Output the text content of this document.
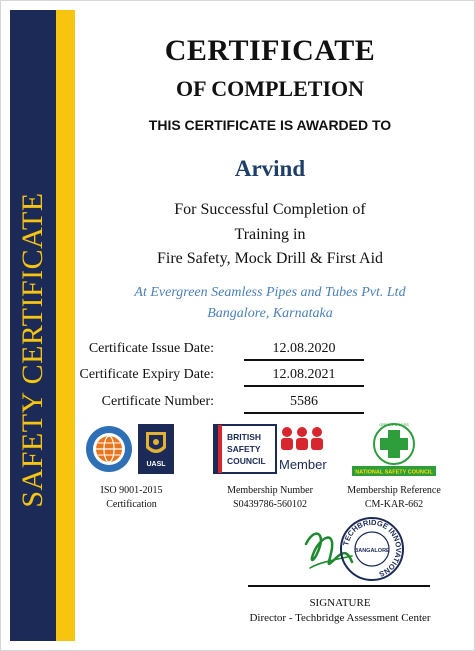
SAFETY CERTIFICATE
CERTIFICATE
OF COMPLETION
THIS CERTIFICATE IS AWARDED TO
Arvind
For Successful Completion of
Training in
Fire Safety, Mock Drill & First Aid
At Evergreen Seamless Pipes and Tubes Pvt. Ltd
Bangalore, Karnataka
Certificate Issue Date:	12.08.2020
Certificate Expiry Date:	12.08.2021
Certificate Number:	5586
UASL
ISO 9001-2015
Certification
BRITISH
SAFETY
COUNCIL Member
Membership Number
S0439786-560102
GREEN CROSS
NATIONAL SAFETY COUNCIL
Membership Reference
CM-KAR-662
TECHBRIDGE INNOVATIONS
BANGALORE
SIGNATURE
Director - Techbridge Assessment Center
